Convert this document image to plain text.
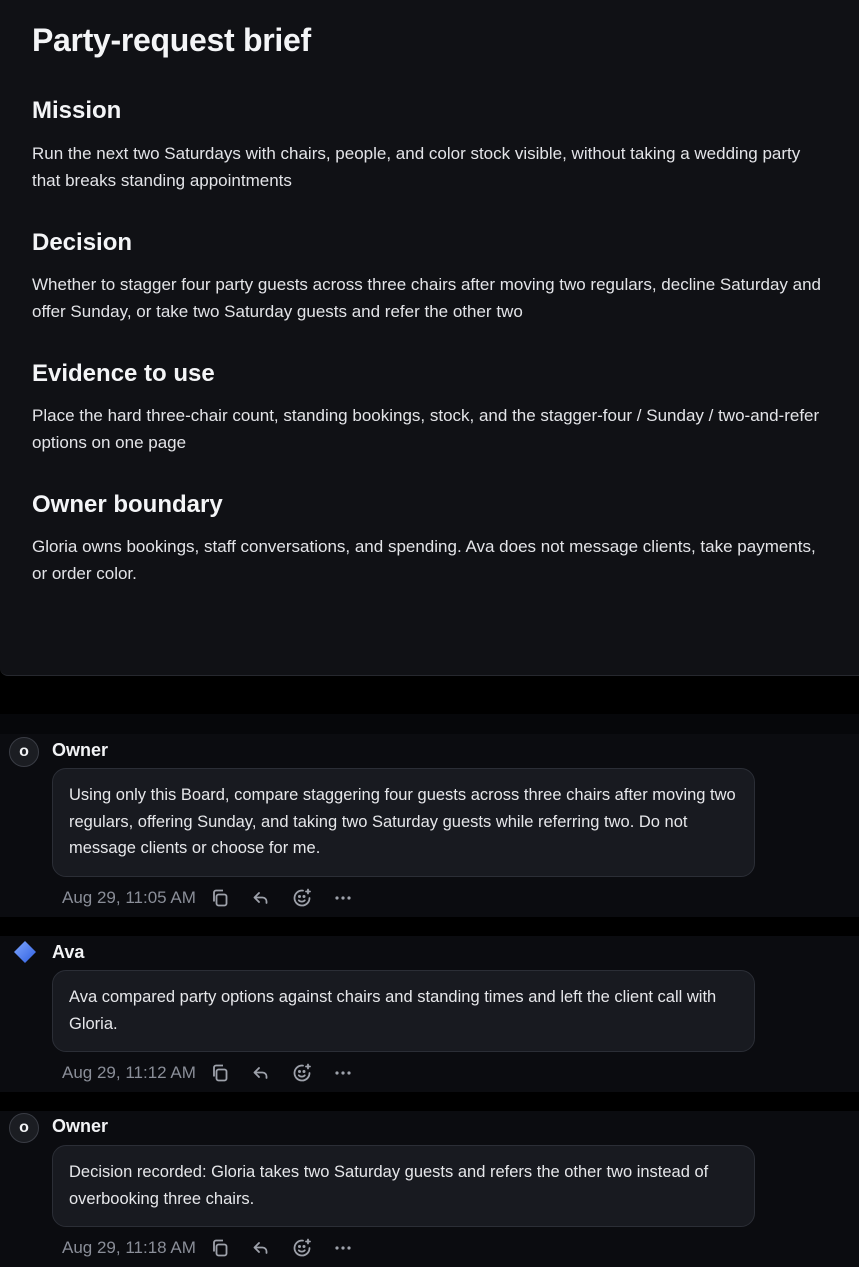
Party-request brief
Mission

Run the next two Saturdays with chairs, people, and color stock visible, without taking a wedding party that breaks standing appointments

Decision

Whether to stagger four party guests across three chairs after moving two regulars, decline Saturday and offer Sunday, or take two Saturday guests and refer the other two

Evidence to use

Place the hard three-chair count, standing bookings, stock, and the stagger-four / Sunday / two-and-refer options on one page

Owner boundary

Gloria owns bookings, staff conversations, and spending. Ava does not message clients, take payments, or order color.

o	Owner
Using only this Board, compare staggering four guests across three chairs after moving two regulars, offering Sunday, and taking two Saturday guests while referring two. Do not message clients or choose for me.
Aug 29, 11:05 AM
Ava
Ava compared party options against chairs and standing times and left the client call with Gloria.
Aug 29, 11:12 AM
o	Owner
Decision recorded: Gloria takes two Saturday guests and refers the other two instead of overbooking three chairs.
Aug 29, 11:18 AM
